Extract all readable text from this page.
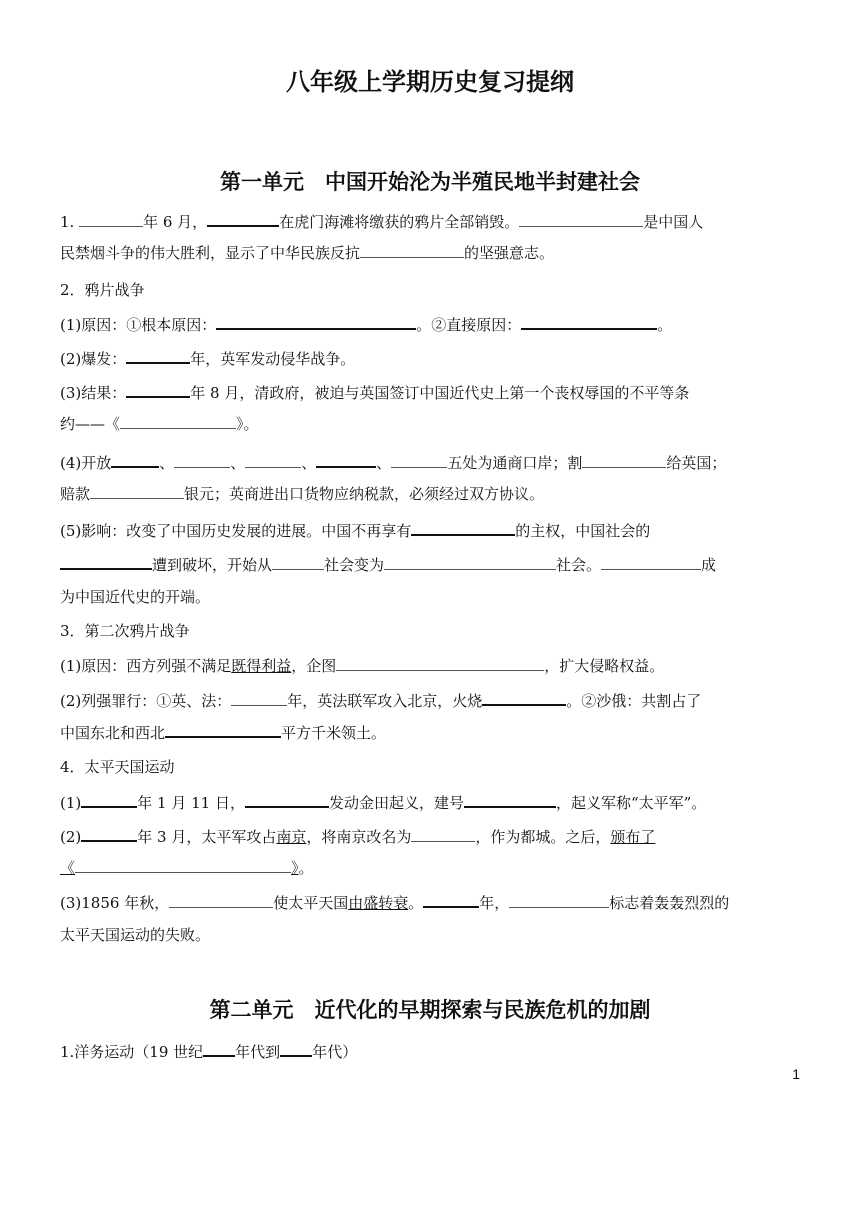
八年级上学期历史复习提纲
第一单元　中国开始沦为半殖民地半封建社会
1.	年 6 月，	在虎门海滩将缴获的鸦片全部销毁。	是中国人
民禁烟斗争的伟大胜利，显示了中华民族反抗	的坚强意志。
2．鸦片战争
(1)原因：①根本原因：	。②直接原因：	。
(2)爆发：	年，英军发动侵华战争。
(3)结果：	年 8 月，清政府，被迫与英国签订中国近代史上第一个丧权辱国的不平等条
约——《	》。
(4)开放	、	、	、	、	五处为通商口岸；割	给英国；
赔款	银元；英商进出口货物应纳税款，必须经过双方协议。
(5)影响：改变了中国历史发展的进展。中国不再享有	的主权，中国社会的
遭到破坏，开始从	社会变为	社会。	成
为中国近代史的开端。
3．第二次鸦片战争
(1)原因：西方列强不满足既得利益，企图	，扩大侵略权益。
(2)列强罪行：①英、法：	年，英法联军攻入北京，火烧	。②沙俄：共割占了
中国东北和西北	平方千米领土。
4．太平天国运动
(1)	年 1 月 11 日，	发动金田起义，建号	，起义军称“太平军”。
(2)	年 3 月，太平军攻占南京，将南京改名为	，作为都城。之后，颁布了
《	》。
(3)1856 年秋，	使太平天国由盛转衰。	年，	标志着轰轰烈烈的
太平天国运动的失败。
第二单元　近代化的早期探索与民族危机的加剧
1.洋务运动（19 世纪 年代到 年代）
1
